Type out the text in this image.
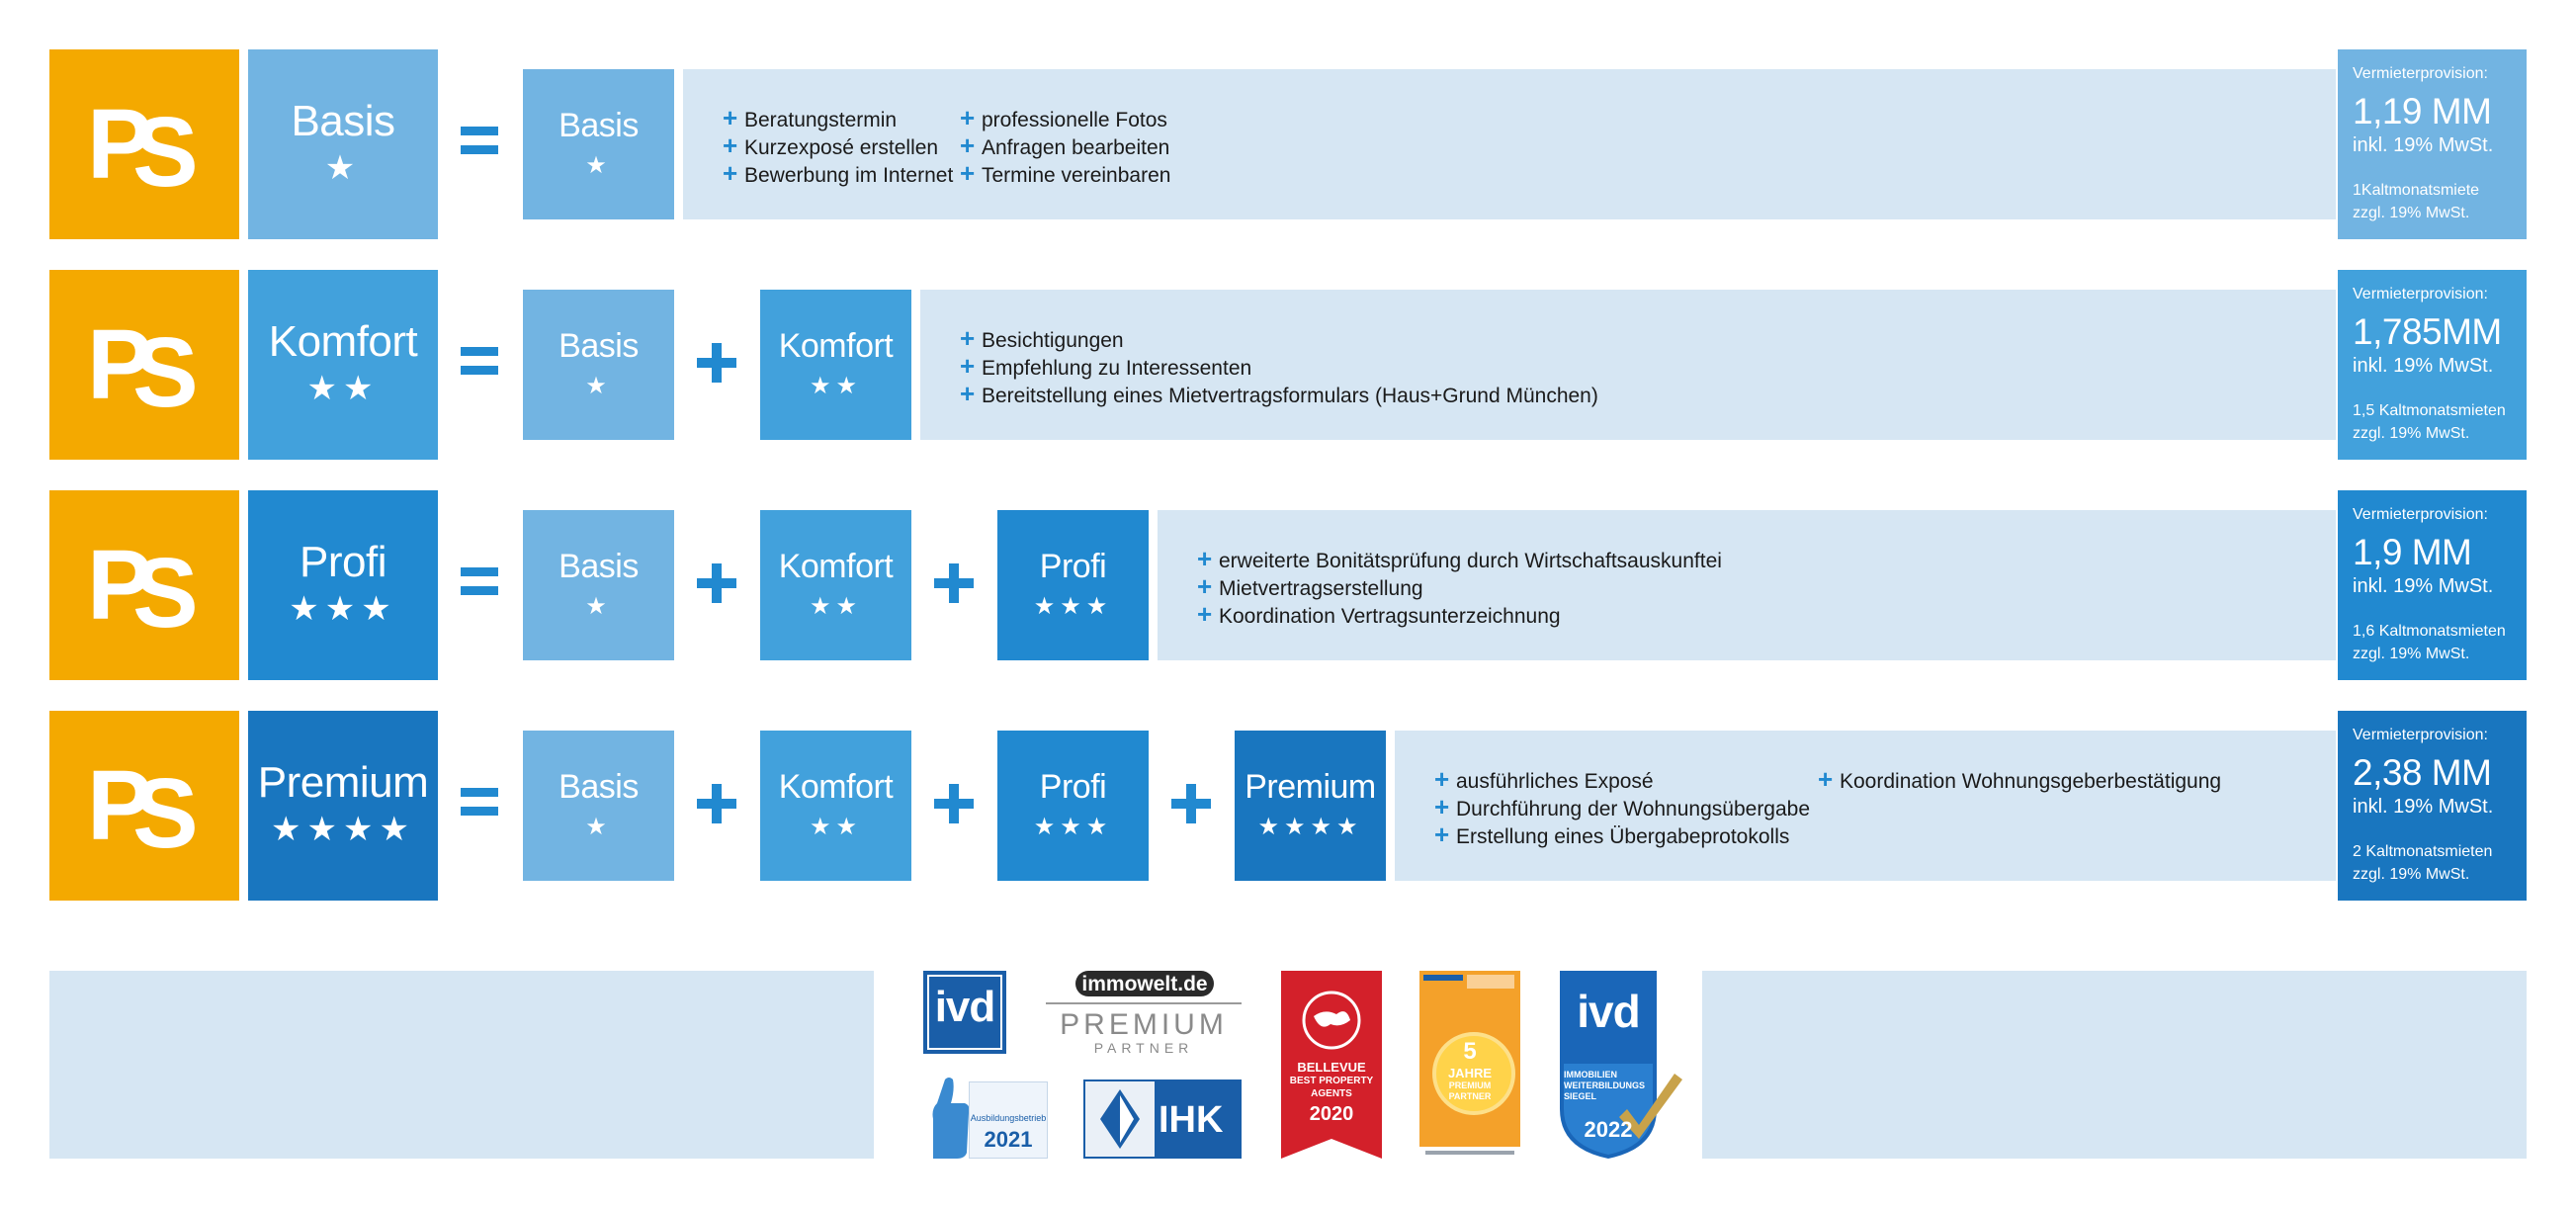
P
S	Basis
★
Basis
★
+ Beratungstermin
+ Kurzexposé erstellen
+ Bewerbung im Internet
+ professionelle Fotos
+ Anfragen bearbeiten
+ Termine vereinbaren
Vermieterprovision:
1,19 MM
inkl. 19% MwSt.
1Kaltmonatsmiete
zzgl. 19% MwSt.
P
S	Komfort
★★
Basis
★
Komfort
★★
+ Besichtigungen
+ Empfehlung zu Interessenten
+ Bereitstellung eines Mietvertragsformulars (Haus+Grund München)
Vermieterprovision:
1,785MM
inkl. 19% MwSt.
1,5 Kaltmonatsmieten
zzgl. 19% MwSt.
P
S	Profi
★★★
Basis
★
Komfort
★★
Profi
★★★
+ erweiterte Bonitätsprüfung durch Wirtschaftsauskunftei
+ Mietvertragserstellung
+ Koordination Vertragsunterzeichnung
Vermieterprovision:
1,9 MM
inkl. 19% MwSt.
1,6 Kaltmonatsmieten
zzgl. 19% MwSt.
P
S Premium
★★★★
Basis
★
Komfort
★★
Profi
★★★
Premium
★★★★
+ ausführliches Exposé
+ Durchführung der Wohnungsübergabe
+ Erstellung eines Übergabeprotokolls
+ Koordination Wohnungsgeberbestätigung
Vermieterprovision:
2,38 MM
inkl. 19% MwSt.
2 Kaltmonatsmieten
zzgl. 19% MwSt.
ivd	immowelt.de
PREMIUM
PARTNER
Ausbildungsbetrieb
2021	IHK
BELLEVUE
BEST PROPERTY
AGENTS
2020
5
JAHRE
PREMIUM
PARTNER
ivd
IMMOBILIEN
WEITERBILDUNGS
SIEGEL
2022
